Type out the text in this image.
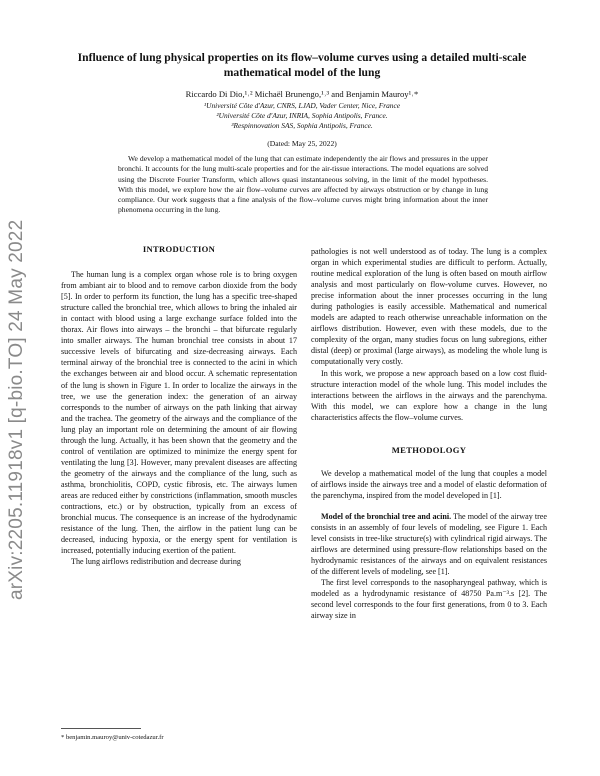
arXiv:2205.11918v1 [q-bio.TO] 24 May 2022
Influence of lung physical properties on its flow–volume curves using a detailed multi-scale mathematical model of the lung
Riccardo Di Dio,¹˒² Michaël Brunengo,¹˒³ and Benjamin Mauroy¹˒*
¹Université Côte d'Azur, CNRS, LJAD, Vader Center, Nice, France
²Université Côte d'Azur, INRIA, Sophia Antipolis, France.
³Respinnovation SAS, Sophia Antipolis, France.
(Dated: May 25, 2022)

We develop a mathematical model of the lung that can estimate independently the air flows and pressures in the upper bronchi. It accounts for the lung multi-scale properties and for the air-tissue interactions. The model equations are solved using the Discrete Fourier Transform, which allows quasi instantaneous solving, in the limit of the model hypotheses. With this model, we explore how the air flow–volume curves are affected by airways obstruction or by change in lung compliance. Our work suggests that a fine analysis of the flow–volume curves might bring information about the inner phenomena occurring in the lung.

INTRODUCTION

The human lung is a complex organ whose role is to bring oxygen from ambiant air to blood and to remove carbon dioxide from the body [5]. In order to perform its function, the lung has a specific tree-shaped structure called the bronchial tree, which allows to bring the inhaled air in contact with blood using a large exchange surface folded into the thorax. Air flows into airways – the bronchi – that bifurcate regularly into smaller airways. The human bronchial tree consists in about 17 successive levels of bifurcating and size-decreasing airways. Each terminal airway of the bronchial tree is connected to the acini in which the exchanges between air and blood occur. A schematic representation of the lung is shown in Figure 1. In order to localize the airways in the tree, we use the generation index: the generation of an airway corresponds to the number of airways on the path linking that airway and the trachea. The geometry of the airways and the compliance of the lung play an important role on determining the amount of air flowing through the lung. Actually, it has been shown that the geometry and the control of ventilation are optimized to minimize the energy spent for ventilating the lung [3]. However, many prevalent diseases are affecting the geometry of the airways and the compliance of the lung, such as asthma, bronchiolitis, COPD, cystic fibrosis, etc. The airways lumen areas are reduced either by constrictions (inflammation, smooth muscles contractions, etc.) or by obstruction, typically from an excess of bronchial mucus. The consequence is an increase of the hydrodynamic resistance of the lung. Then, the airflow in the patient lung can be decreased, inducing hypoxia, or the energy spent for ventilation is increased, potentially inducing exertion of the patient.

The lung airflows redistribution and decrease during

pathologies is not well understood as of today. The lung is a complex organ in which experimental studies are difficult to perform. Actually, routine medical exploration of the lung is often based on mouth airflow analysis and most particularly on flow-volume curves. However, no precise information about the inner processes occurring in the lung during pathologies is easily accessible. Mathematical and numerical models are adapted to reach otherwise unreachable information on the airflows distribution. However, even with these models, due to the complexity of the organ, many studies focus on lung subregions, either distal (deep) or proximal (large airways), as modeling the whole lung is computationally very costly.

In this work, we propose a new approach based on a low cost fluid-structure interaction model of the whole lung. This model includes the interactions between the airflows in the airways and the parenchyma. With this model, we can explore how a change in the lung characteristics affects the flow–volume curves.

METHODOLOGY

We develop a mathematical model of the lung that couples a model of airflows inside the airways tree and a model of elastic deformation of the parenchyma, inspired from the model developed in [1].

Model of the bronchial tree and acini. The model of the airway tree consists in an assembly of four levels of modeling, see Figure 1. Each level consists in tree-like structure(s) with cylindrical rigid airways. The airflows are determined using pressure-flow relationships based on the hydrodynamic resistances of the airways and on equivalent resistances of the different levels of modeling, see [1].

The first level corresponds to the nasopharyngeal pathway, which is modeled as a hydrodynamic resistance of 48750 Pa.m⁻³.s [2]. The second level corresponds to the four first generations, from 0 to 3. Each airway size in

* benjamin.mauroy@univ-cotedazur.fr
